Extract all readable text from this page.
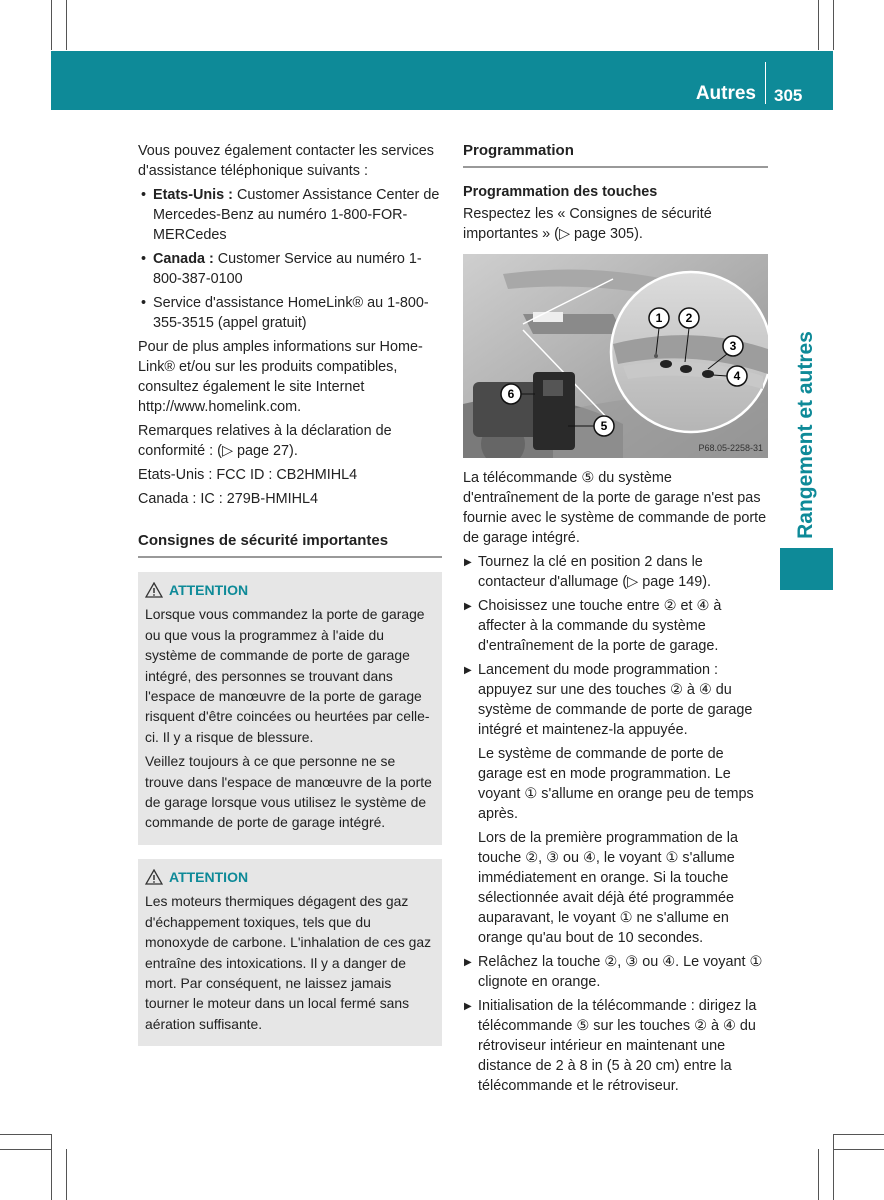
Autres 305
Rangement et autres

Vous pouvez également contacter les services d'assistance téléphonique suivants :

• Etats-Unis : Customer Assistance Center de Mercedes-Benz au numéro 1-800-FOR-MERCedes
• Canada : Customer Service au numéro 1-800-387-0100
• Service d'assistance HomeLink® au 1-800-355-3515 (appel gratuit)

Pour de plus amples informations sur HomeLink® et/ou sur les produits compatibles, consultez également le site Internet http://www.homelink.com.

Remarques relatives à la déclaration de conformité : (▷ page 27).

Etats-Unis : FCC ID : CB2HMIHL4

Canada : IC : 279B-HMIHL4

Consignes de sécurité importantes
ATTENTION

Lorsque vous commandez la porte de garage ou que vous la programmez à l'aide du système de commande de porte de garage intégré, des personnes se trouvant dans l'espace de manœuvre de la porte de garage risquent d'être coincées ou heurtées par celle-ci. Il y a risque de blessure.

Veillez toujours à ce que personne ne se trouve dans l'espace de manœuvre de la porte de garage lorsque vous utilisez le système de commande de porte de garage intégré.

ATTENTION

Les moteurs thermiques dégagent des gaz d'échappement toxiques, tels que du monoxyde de carbone. L'inhalation de ces gaz entraîne des intoxications. Il y a danger de mort. Par conséquent, ne laissez jamais tourner le moteur dans un local fermé sans aération suffisante.

Programmation
Programmation des touches

Respectez les « Consignes de sécurité importantes » (▷ page 305).

1 2
3
4
5
6
P68.05-2258-31

La télécommande ⑤ du système d'entraînement de la porte de garage n'est pas fournie avec le système de commande de porte de garage intégré.

▶ Tournez la clé en position 2 dans le contacteur d'allumage (▷ page 149).
▶ Choisissez une touche entre ② et ④ à affecter à la commande du système d'entraînement de la porte de garage.
▶ Lancement du mode programmation : appuyez sur une des touches ② à ④ du système de commande de porte de garage intégré et maintenez-la appuyée.
Le système de commande de porte de garage est en mode programmation. Le voyant ① s'allume en orange peu de temps après.
Lors de la première programmation de la touche ②, ③ ou ④, le voyant ① s'allume immédiatement en orange. Si la touche sélectionnée avait déjà été programmée auparavant, le voyant ① ne s'allume en orange qu'au bout de 10 secondes.
▶ Relâchez la touche ②, ③ ou ④. Le voyant ① clignote en orange.
▶ Initialisation de la télécommande : dirigez la télécommande ⑤ sur les touches ② à ④ du rétroviseur intérieur en maintenant une distance de 2 à 8 in (5 à 20 cm) entre la télécommande et le rétroviseur.
